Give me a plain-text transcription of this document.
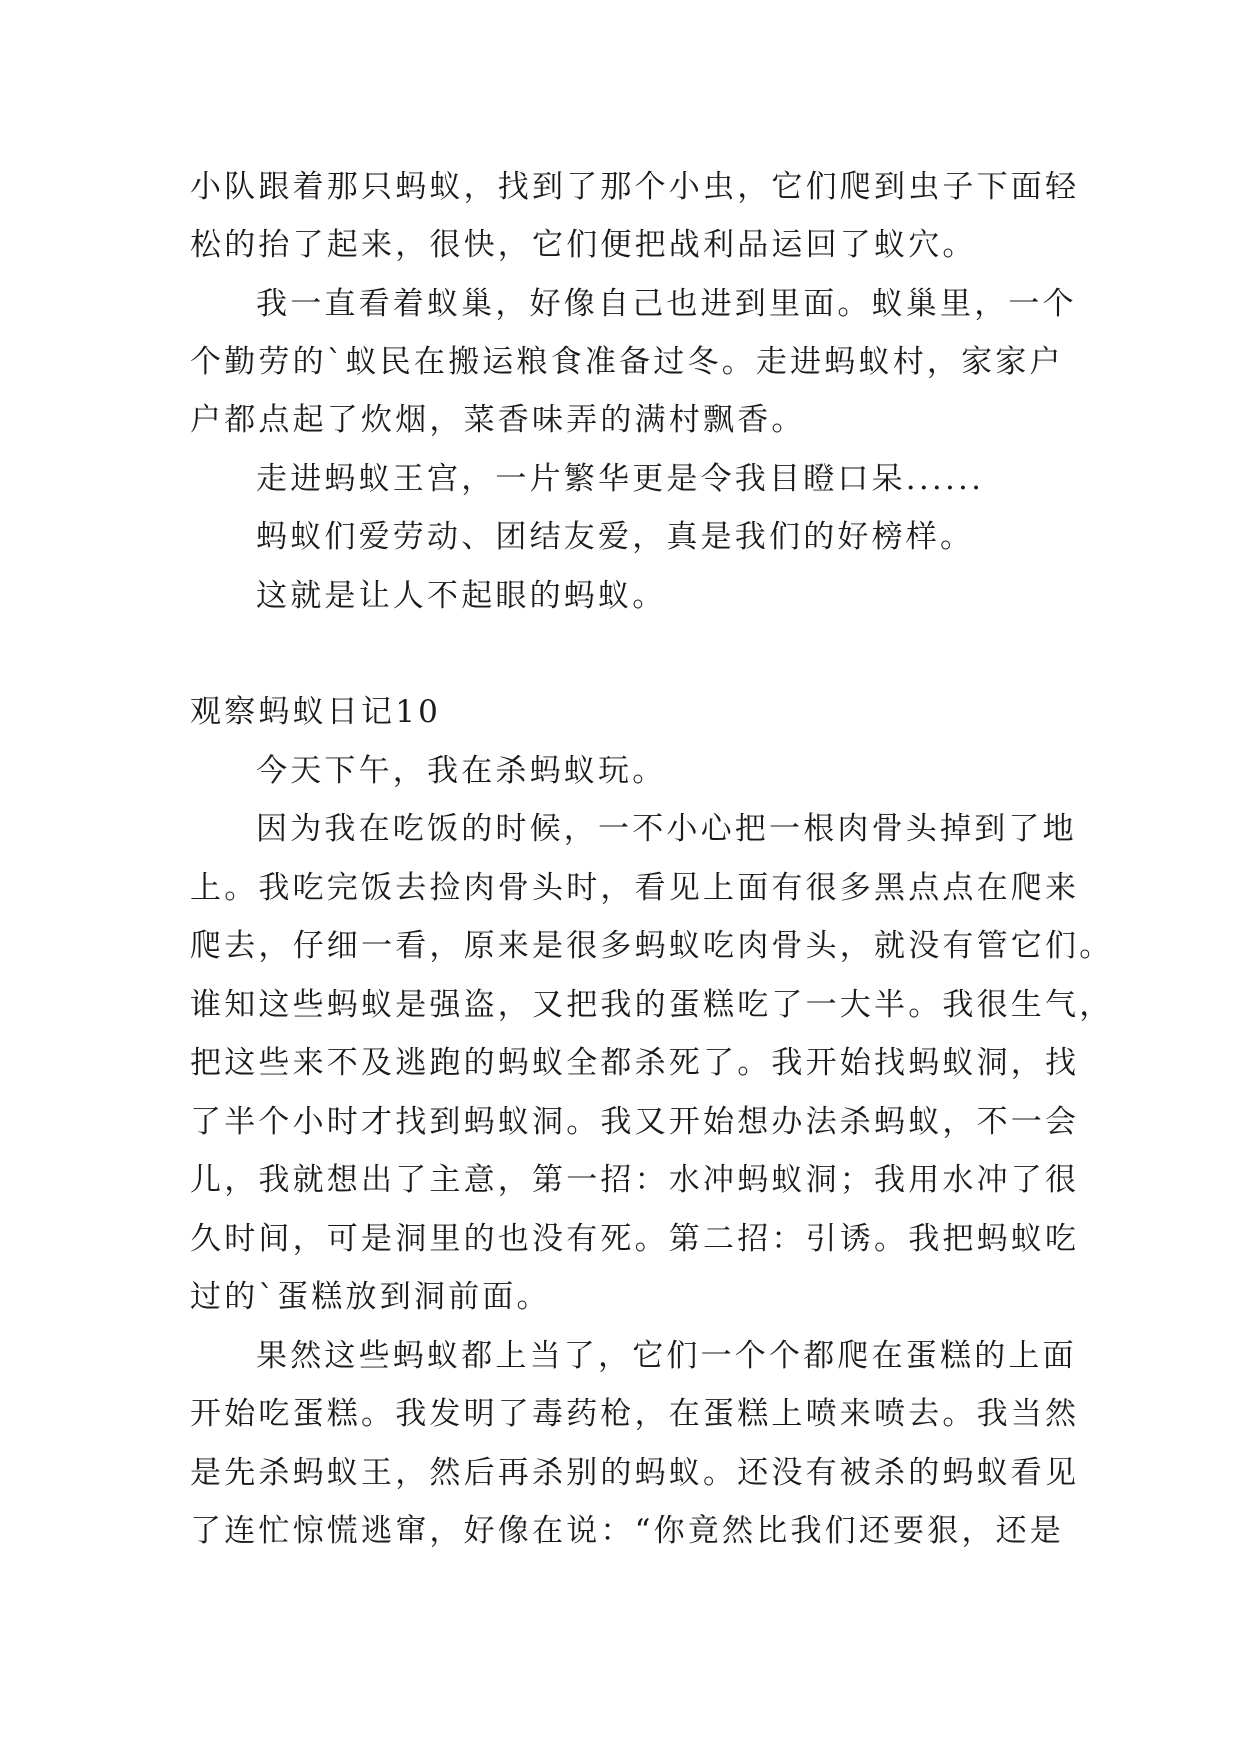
小队跟着那只蚂蚁，找到了那个小虫，它们爬到虫子下面轻
松的抬了起来，很快，它们便把战利品运回了蚁穴。
我一直看着蚁巢，好像自己也进到里面。蚁巢里，一个
个勤劳的`蚁民在搬运粮食准备过冬。走进蚂蚁村，家家户
户都点起了炊烟，菜香味弄的满村飘香。
走进蚂蚁王宫，一片繁华更是令我目瞪口呆......
蚂蚁们爱劳动、团结友爱，真是我们的好榜样。
这就是让人不起眼的蚂蚁。
观察蚂蚁日记10
今天下午，我在杀蚂蚁玩。
因为我在吃饭的时候，一不小心把一根肉骨头掉到了地
上。我吃完饭去捡肉骨头时，看见上面有很多黑点点在爬来
爬去，仔细一看，原来是很多蚂蚁吃肉骨头，就没有管它们。
谁知这些蚂蚁是强盗，又把我的蛋糕吃了一大半。我很生气，
把这些来不及逃跑的蚂蚁全都杀死了。我开始找蚂蚁洞，找
了半个小时才找到蚂蚁洞。我又开始想办法杀蚂蚁，不一会
儿，我就想出了主意，第一招：水冲蚂蚁洞；我用水冲了很
久时间，可是洞里的也没有死。第二招：引诱。我把蚂蚁吃
过的`蛋糕放到洞前面。
果然这些蚂蚁都上当了，它们一个个都爬在蛋糕的上面
开始吃蛋糕。我发明了毒药枪，在蛋糕上喷来喷去。我当然
是先杀蚂蚁王，然后再杀别的蚂蚁。还没有被杀的蚂蚁看见
了连忙惊慌逃窜，好像在说：“你竟然比我们还要狠，还是
